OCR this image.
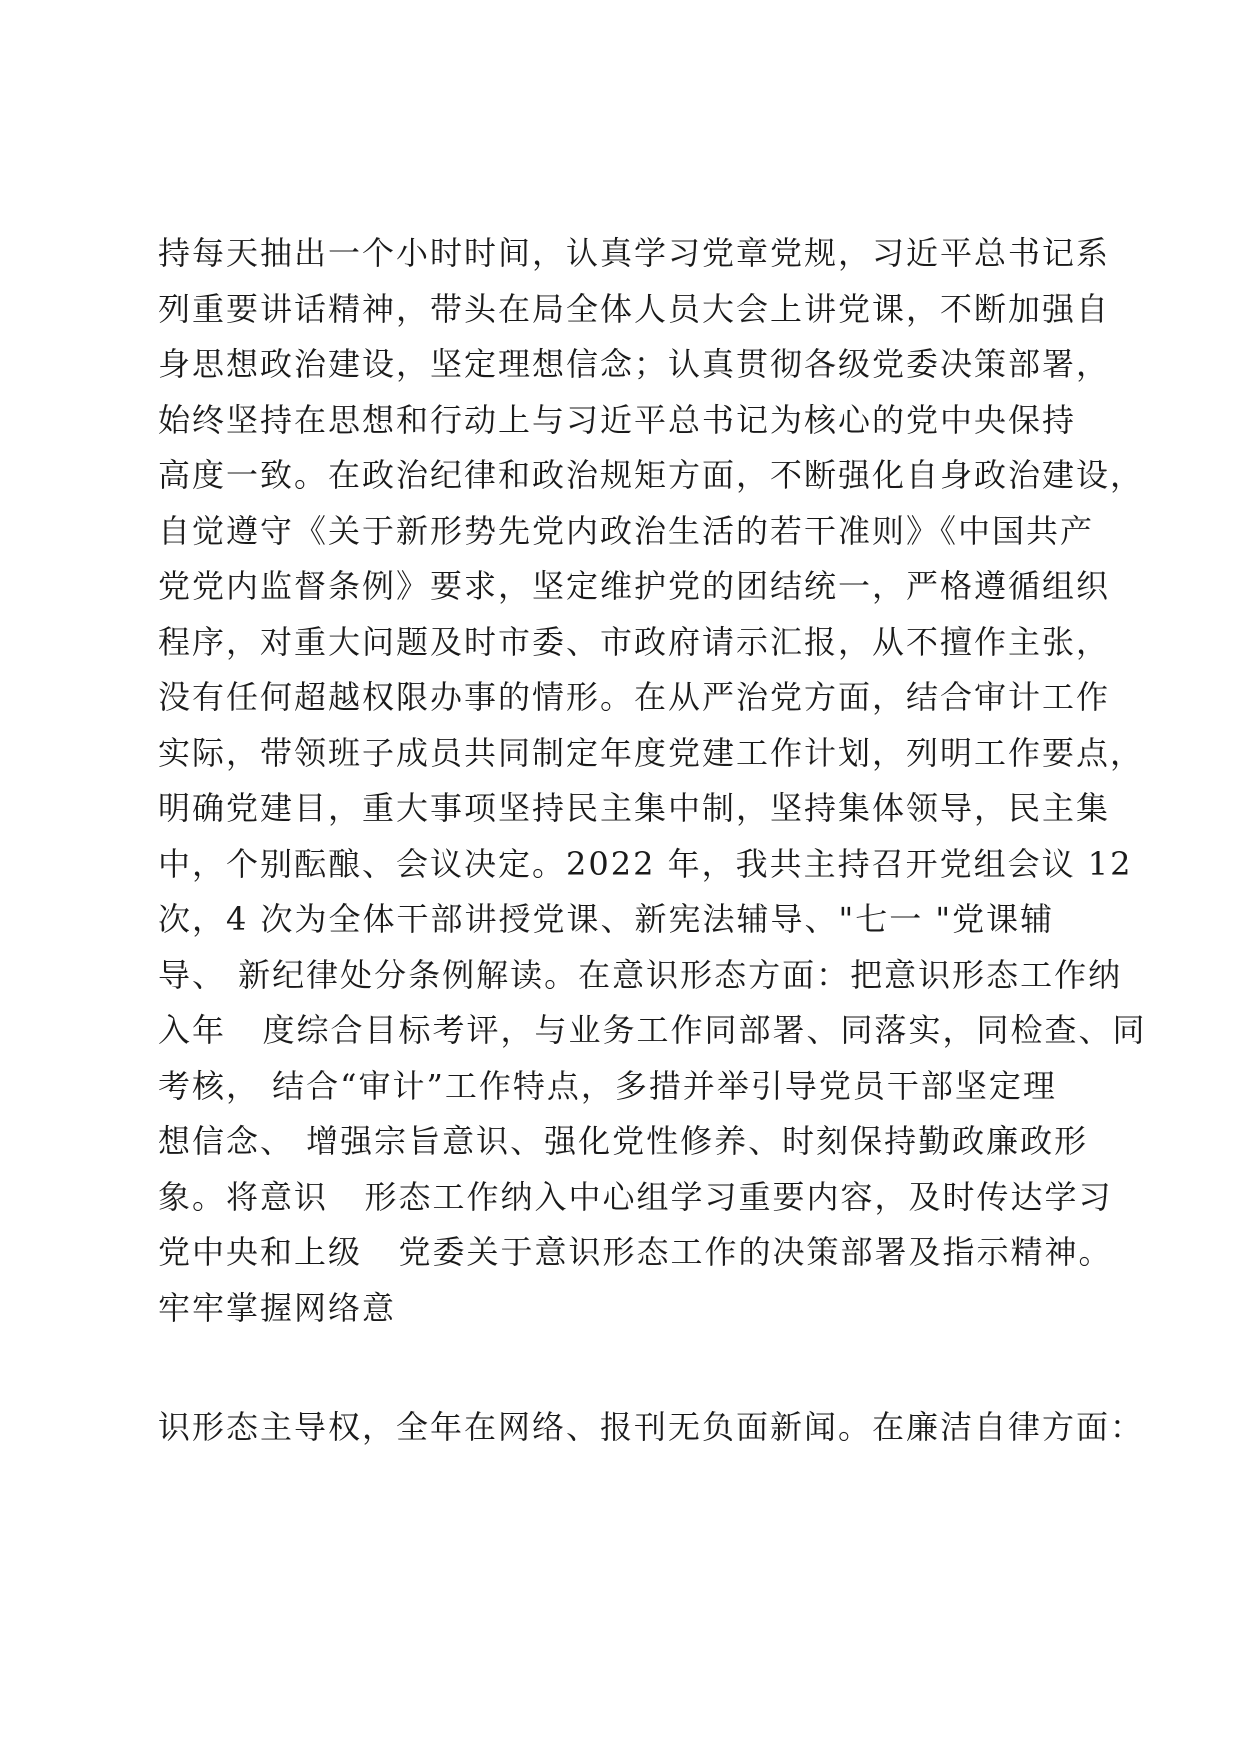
持每天抽出一个小时时间，认真学习党章党规，习近平总书记系
列重要讲话精神，带头在局全体人员大会上讲党课，不断加强自
身思想政治建设，坚定理想信念；认真贯彻各级党委决策部署，
始终坚持在思想和行动上与习近平总书记为核心的党中央保持
高度一致。在政治纪律和政治规矩方面，不断强化自身政治建设，
自觉遵守《关于新形势先党内政治生活的若干准则》《中国共产
党党内监督条例》要求，坚定维护党的团结统一，严格遵循组织
程序，对重大问题及时市委、市政府请示汇报，从不擅作主张，
没有任何超越权限办事的情形。在从严治党方面，结合审计工作
实际，带领班子成员共同制定年度党建工作计划，列明工作要点，
明确党建目，重大事项坚持民主集中制，坚持集体领导，民主集
中，个别酝酿、会议决定。2022 年，我共主持召开党组会议 12
次，4 次为全体干部讲授党课、新宪法辅导、"七一 "党课辅
导、 新纪律处分条例解读。在意识形态方面：把意识形态工作纳
入年   度综合目标考评，与业务工作同部署、同落实，同检查、同
考核， 结合“审计”工作特点，多措并举引导党员干部坚定理
想信念、 增强宗旨意识、强化党性修养、时刻保持勤政廉政形
象。将意识   形态工作纳入中心组学习重要内容，及时传达学习
党中央和上级   党委关于意识形态工作的决策部署及指示精神。
牢牢掌握网络意
识形态主导权，全年在网络、报刊无负面新闻。在廉洁自律方面：
